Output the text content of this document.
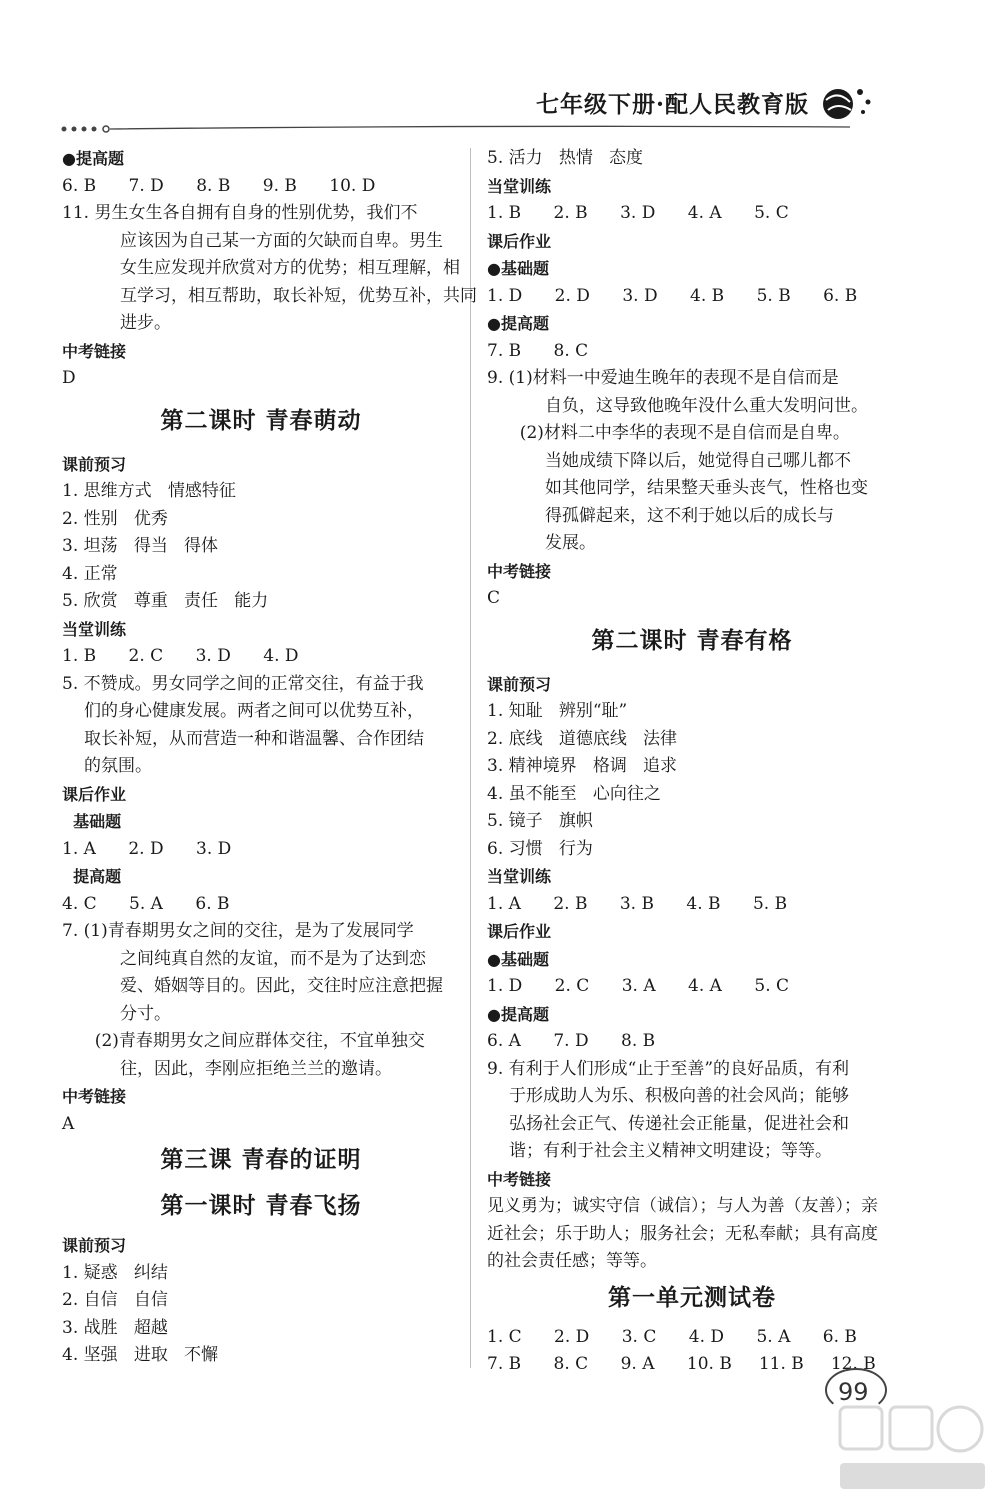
七年级下册·配人民教育版
●提高题
6. B      7. D      8. B      9. B      10. D
11. 男生女生各自拥有自身的性别优势，我们不
应该因为自己某一方面的欠缺而自卑。男生
女生应发现并欣赏对方的优势；相互理解，相
互学习，相互帮助，取长补短，优势互补，共同
进步。
中考链接
D
第二课时 青春萌动
课前预习
1. 思维方式   情感特征
2. 性别   优秀
3. 坦荡   得当   得体
4. 正常
5. 欣赏   尊重   责任   能力
当堂训练
1. B      2. C      3. D      4. D
5. 不赞成。男女同学之间的正常交往，有益于我
们的身心健康发展。两者之间可以优势互补，
取长补短，从而营造一种和谐温馨、合作团结
的氛围。
课后作业
基础题
1. A      2. D      3. D
提高题
4. C      5. A      6. B
7. (1)青春期男女之间的交往，是为了发展同学
之间纯真自然的友谊，而不是为了达到恋
爱、婚姻等目的。因此，交往时应注意把握
分寸。
(2)青春期男女之间应群体交往，不宜单独交
往，因此，李刚应拒绝兰兰的邀请。
中考链接
A
第三课 青春的证明
第一课时 青春飞扬
课前预习
1. 疑惑   纠结
2. 自信   自信
3. 战胜   超越
4. 坚强   进取   不懈
5. 活力   热情   态度
当堂训练
1. B      2. B      3. D      4. A      5. C
课后作业
●基础题
1. D      2. D      3. D      4. B      5. B      6. B
●提高题
7. B      8. C
9. (1)材料一中爱迪生晚年的表现不是自信而是
自负，这导致他晚年没什么重大发明问世。
(2)材料二中李华的表现不是自信而是自卑。
当她成绩下降以后，她觉得自己哪儿都不
如其他同学，结果整天垂头丧气，性格也变
得孤僻起来，这不利于她以后的成长与
发展。
中考链接
C
第二课时 青春有格
课前预习
1. 知耻   辨别“耻”
2. 底线   道德底线   法律
3. 精神境界   格调   追求
4. 虽不能至   心向往之
5. 镜子   旗帜
6. 习惯   行为
当堂训练
1. A      2. B      3. B      4. B      5. B
课后作业
●基础题
1. D      2. C      3. A      4. A      5. C
●提高题
6. A      7. D      8. B
9. 有利于人们形成“止于至善”的良好品质，有利
于形成助人为乐、积极向善的社会风尚；能够
弘扬社会正气、传递社会正能量，促进社会和
谐；有利于社会主义精神文明建设；等等。
中考链接
见义勇为；诚实守信（诚信）；与人为善（友善）；亲
近社会；乐于助人；服务社会；无私奉献；具有高度
的社会责任感；等等。
第一单元测试卷
1. C      2. D      3. C      4. D      5. A      6. B
7. B      8. C      9. A      10. B     11. B     12. B
99
